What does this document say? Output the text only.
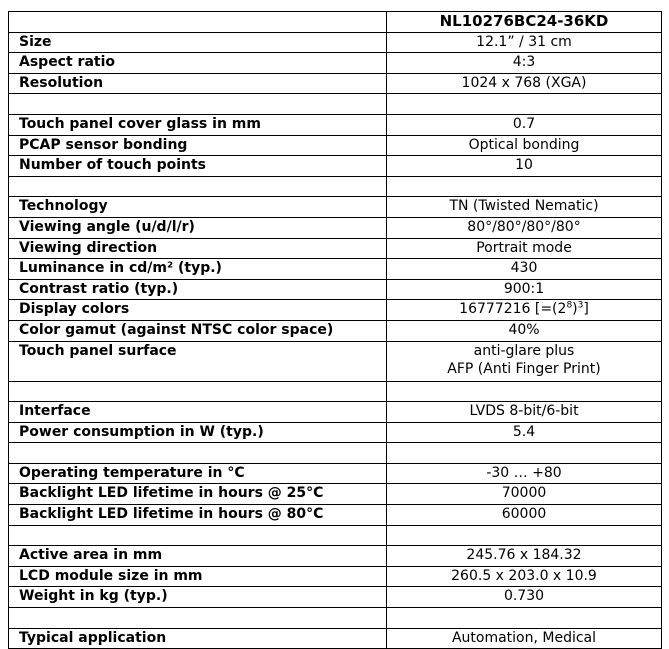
	NL10276BC24-36KD
Size	12.1” / 31 cm
Aspect ratio	4:3
Resolution	1024 x 768 (XGA)

Touch panel cover glass in mm	0.7
PCAP sensor bonding	Optical bonding
Number of touch points	10

Technology	TN (Twisted Nematic)
Viewing angle (u/d/l/r)	80°/80°/80°/80°
Viewing direction	Portrait mode
Luminance in cd/m² (typ.)	430
Contrast ratio (typ.)	900:1
Display colors	16777216 $[=(2^8)^3]$
Color gamut (against NTSC color space)	40%
Touch panel surface	anti-glare plus
AFP (Anti Finger Print)

Interface	LVDS 8-bit/6-bit
Power consumption in W (typ.)	5.4

Operating temperature in °C	-30 … +80
Backlight LED lifetime in hours @ 25°C	70000
Backlight LED lifetime in hours @ 80°C	60000

Active area in mm	245.76 x 184.32
LCD module size in mm	260.5 x 203.0 x 10.9
Weight in kg (typ.)	0.730

Typical application	Automation, Medical
